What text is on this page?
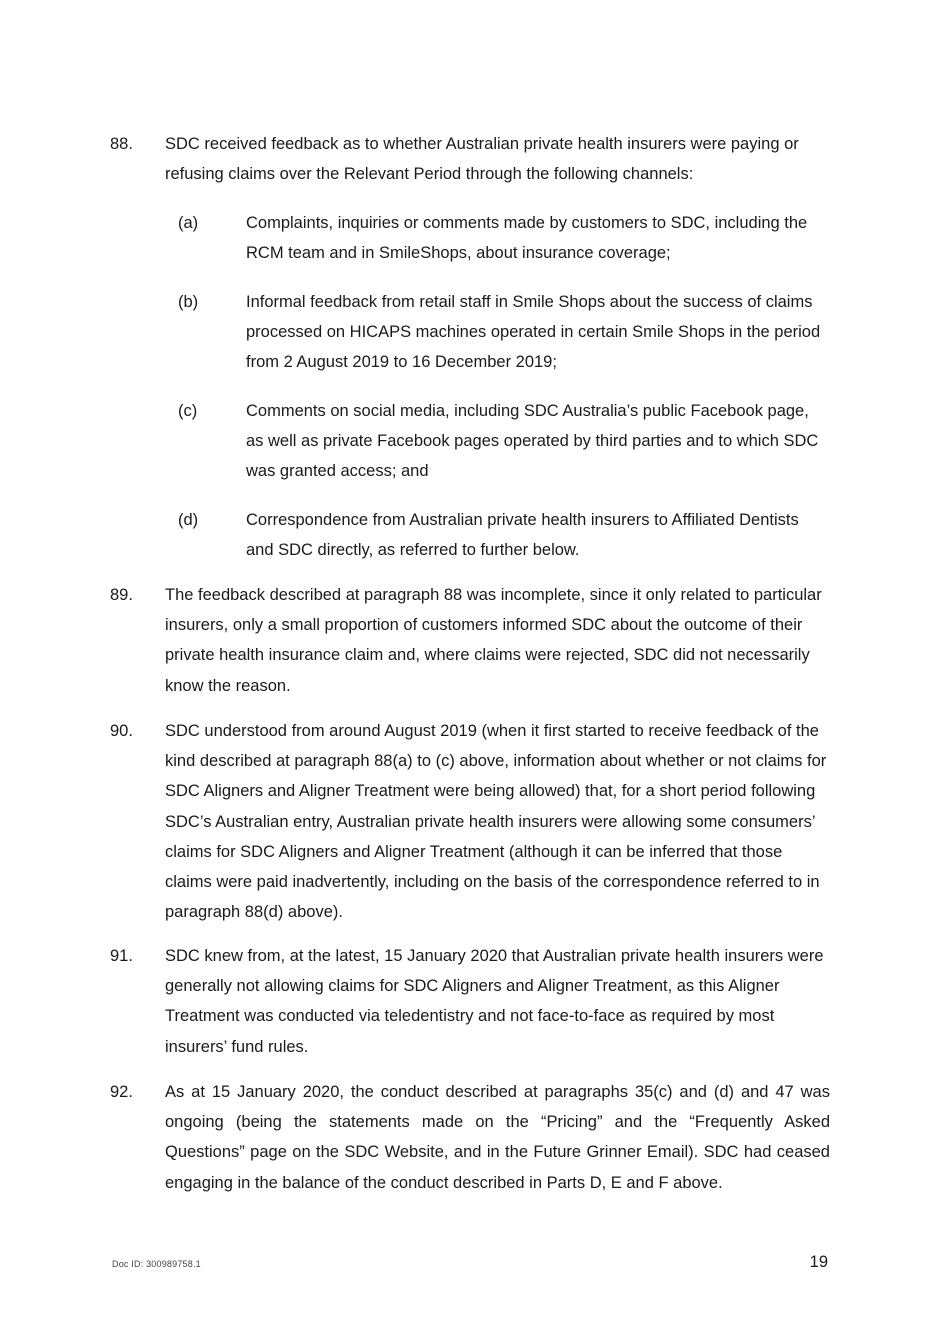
88.	SDC received feedback as to whether Australian private health insurers were paying or refusing claims over the Relevant Period through the following channels:
(a)	Complaints, inquiries or comments made by customers to SDC, including the RCM team and in SmileShops, about insurance coverage;
(b)	Informal feedback from retail staff in Smile Shops about the success of claims processed on HICAPS machines operated in certain Smile Shops in the period from 2 August 2019 to 16 December 2019;
(c)	Comments on social media, including SDC Australia’s public Facebook page, as well as private Facebook pages operated by third parties and to which SDC was granted access; and
(d)	Correspondence from Australian private health insurers to Affiliated Dentists and SDC directly, as referred to further below.
89.	The feedback described at paragraph 88 was incomplete, since it only related to particular insurers, only a small proportion of customers informed SDC about the outcome of their private health insurance claim and, where claims were rejected, SDC did not necessarily know the reason.
90.	SDC understood from around August 2019 (when it first started to receive feedback of the kind described at paragraph 88(a) to (c) above, information about whether or not claims for SDC Aligners and Aligner Treatment were being allowed) that, for a short period following SDC’s Australian entry, Australian private health insurers were allowing some consumers’ claims for SDC Aligners and Aligner Treatment (although it can be inferred that those claims were paid inadvertently, including on the basis of the correspondence referred to in paragraph 88(d) above).
91.	SDC knew from, at the latest, 15 January 2020 that Australian private health insurers were generally not allowing claims for SDC Aligners and Aligner Treatment, as this Aligner Treatment was conducted via teledentistry and not face-to-face as required by most insurers’ fund rules.
92.	As at 15 January 2020, the conduct described at paragraphs 35(c) and (d) and 47 was ongoing (being the statements made on the “Pricing” and the “Frequently Asked Questions” page on the SDC Website, and in the Future Grinner Email). SDC had ceased engaging in the balance of the conduct described in Parts D, E and F above.
Doc ID: 300989758.1	19
